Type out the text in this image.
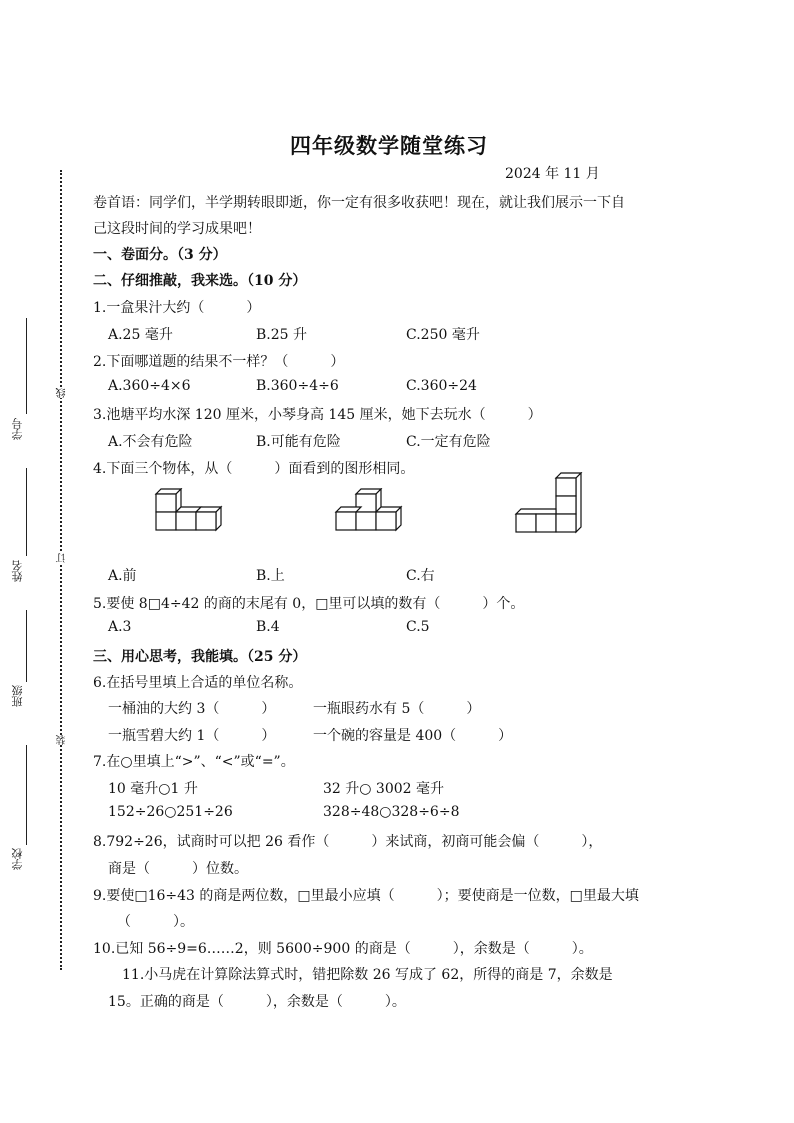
学号
姓名
班级
学校
线
订
装
四年级数学随堂练习
2024 年 11 月
卷首语：同学们，半学期转眼即逝，你一定有很多收获吧！现在，就让我们展示一下自
己这段时间的学习成果吧！
一、卷面分。（3 分）
二、仔细推敲，我来选。（10 分）
1.一盒果汁大约（　　　）
A.25 毫升	B.25 升	C.250 毫升
2.下面哪道题的结果不一样？（　　　）
A.360÷4×6	B.360÷4÷6	C.360÷24
3.池塘平均水深 120 厘米，小琴身高 145 厘米，她下去玩水（　　　）
A.不会有危险	B.可能有危险	C.一定有危险
4.下面三个物体，从（　　　）面看到的图形相同。
A.前	B.上	C.右
5.要使 8□4÷42 的商的末尾有 0，□里可以填的数有（　　　）个。
A.3	B.4	C.5
三、用心思考，我能填。（25 分）
6.在括号里填上合适的单位名称。
一桶油的大约 3（　　　）	一瓶眼药水有 5（　　　）
一瓶雪碧大约 1（　　　）	一个碗的容量是 400（　　　）
7.在○里填上“>”、“<”或“=”。
10 毫升○1 升	32 升○ 3002 毫升
152÷26○251÷26	328÷48○328÷6÷8
8.792÷26，试商时可以把 26 看作（　　　）来试商，初商可能会偏（　　　），
商是（　　　）位数。
9.要使□16÷43 的商是两位数，□里最小应填（　　　）；要使商是一位数，□里最大填
（　　　）。
10.已知 56÷9=6……2，则 5600÷900 的商是（　　　），余数是（　　　）。
11.小马虎在计算除法算式时，错把除数 26 写成了 62，所得的商是 7，余数是
15。正确的商是（　　　），余数是（　　　）。
